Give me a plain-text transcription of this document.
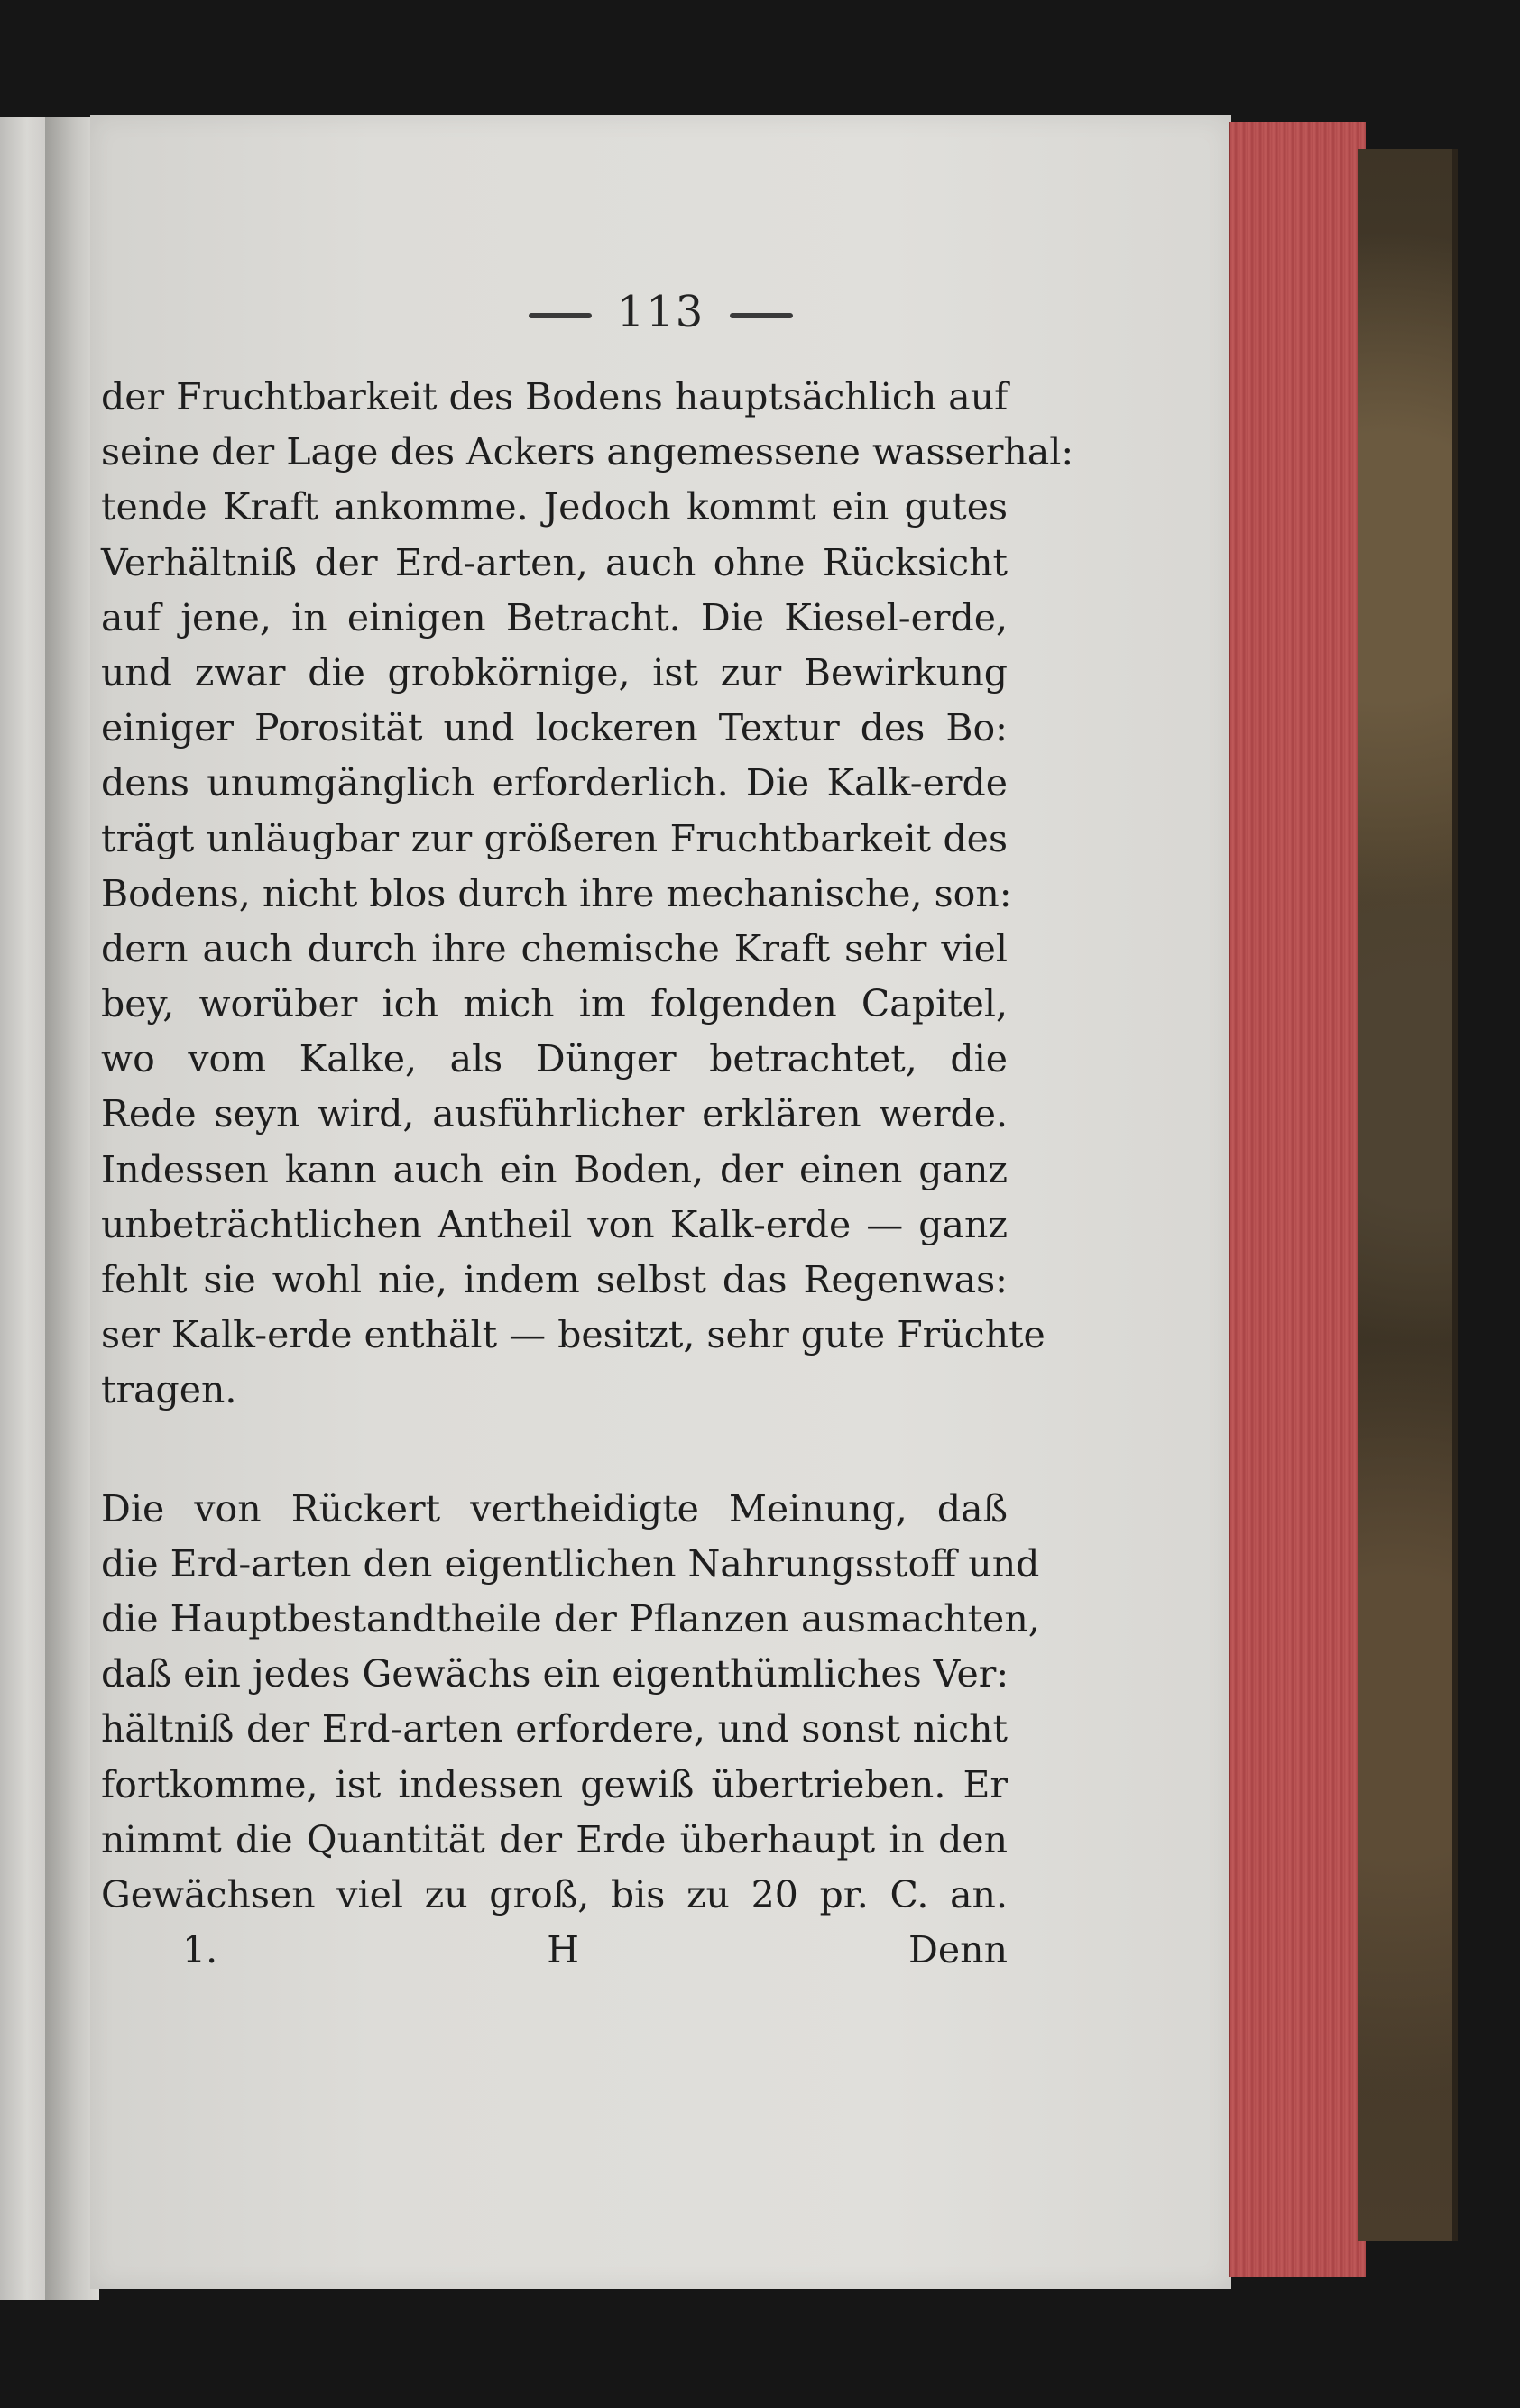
113
der Fruchtbarkeit des Bodens hauptsächlich auf
seine der Lage des Ackers angemessene wasserhal:
tende Kraft ankomme. Jedoch kommt ein gutes
Verhältniß der Erd-arten, auch ohne Rücksicht
auf jene, in einigen Betracht. Die Kiesel-erde,
und zwar die grobkörnige, ist zur Bewirkung
einiger Porosität und lockeren Textur des Bo:
dens unumgänglich erforderlich. Die Kalk-erde
trägt unläugbar zur größeren Fruchtbarkeit des
Bodens, nicht blos durch ihre mechanische, son:
dern auch durch ihre chemische Kraft sehr viel
bey, worüber ich mich im folgenden Capitel,
wo vom Kalke, als Dünger betrachtet, die
Rede seyn wird, ausführlicher erklären werde.
Indessen kann auch ein Boden, der einen ganz
unbeträchtlichen Antheil von Kalk-erde — ganz
fehlt sie wohl nie, indem selbst das Regenwas:
ser Kalk-erde enthält — besitzt, sehr gute Früchte
tragen.
Die von Rückert vertheidigte Meinung, daß
die Erd-arten den eigentlichen Nahrungsstoff und
die Hauptbestandtheile der Pflanzen ausmachten,
daß ein jedes Gewächs ein eigenthümliches Ver:
hältniß der Erd-arten erfordere, und sonst nicht
fortkomme, ist indessen gewiß übertrieben. Er
nimmt die Quantität der Erde überhaupt in den
Gewächsen viel zu groß, bis zu 20 pr. C. an.
1.	H	Denn
